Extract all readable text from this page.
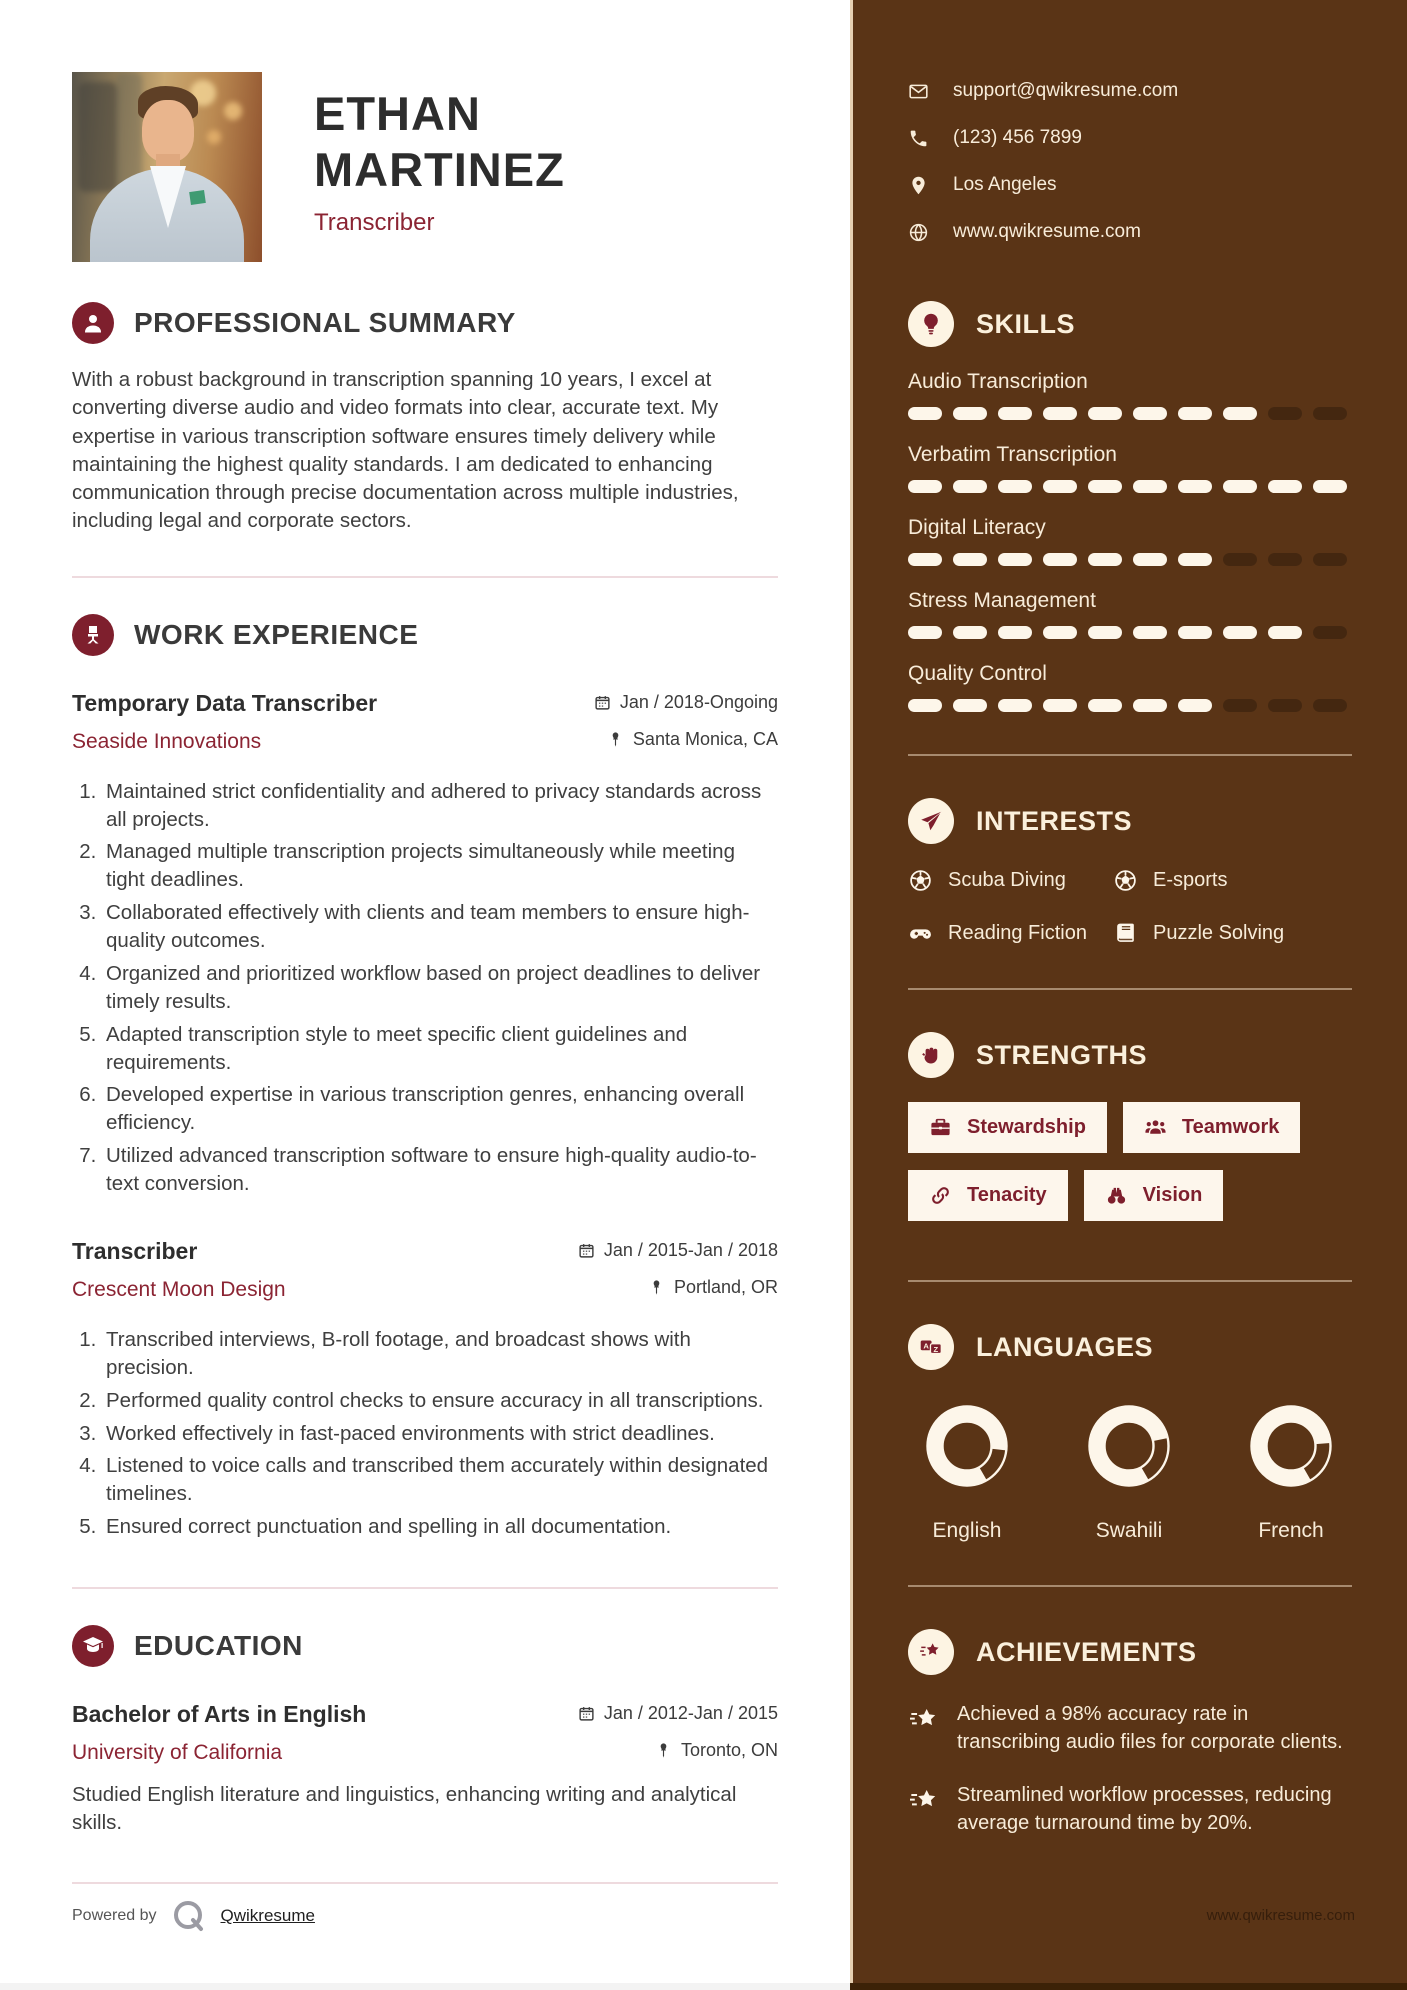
ETHAN
MARTINEZ
Transcriber
PROFESSIONAL SUMMARY
With a robust background in transcription spanning 10 years, I excel at converting diverse audio and video formats into clear, accurate text. My expertise in various transcription software ensures timely delivery while maintaining the highest quality standards. I am dedicated to enhancing communication through precise documentation across multiple industries, including legal and corporate sectors.
WORK EXPERIENCE
Temporary Data Transcriber	Jan / 2018-Ongoing
Seaside Innovations	Santa Monica, CA
1. Maintained strict confidentiality and adhered to privacy standards across all projects.
2. Managed multiple transcription projects simultaneously while meeting tight deadlines.
3. Collaborated effectively with clients and team members to ensure high-quality outcomes.
4. Organized and prioritized workflow based on project deadlines to deliver timely results.
5. Adapted transcription style to meet specific client guidelines and requirements.
6. Developed expertise in various transcription genres, enhancing overall efficiency.
7. Utilized advanced transcription software to ensure high-quality audio-to-text conversion.
Transcriber	Jan / 2015-Jan / 2018
Crescent Moon Design	Portland, OR
1. Transcribed interviews, B-roll footage, and broadcast shows with precision.
2. Performed quality control checks to ensure accuracy in all transcriptions.
3. Worked effectively in fast-paced environments with strict deadlines.
4. Listened to voice calls and transcribed them accurately within designated timelines.
5. Ensured correct punctuation and spelling in all documentation.
EDUCATION
Bachelor of Arts in English	Jan / 2012-Jan / 2015
University of California	Toronto, ON
Studied English literature and linguistics, enhancing writing and analytical skills.
Powered by	Qwikresume
support@qwikresume.com
(123) 456 7899
Los Angeles
www.qwikresume.com
SKILLS
Audio Transcription
Verbatim Transcription
Digital Literacy
Stress Management
Quality Control
INTERESTS
Scuba Diving	E-sports
Reading Fiction	Puzzle Solving
STRENGTHS
Stewardship	Teamwork
Tenacity	Vision
A Z LANGUAGES
English	Swahili	French
ACHIEVEMENTS
Achieved a 98% accuracy rate in transcribing audio files for corporate clients.
Streamlined workflow processes, reducing average turnaround time by 20%.
www.qwikresume.com
